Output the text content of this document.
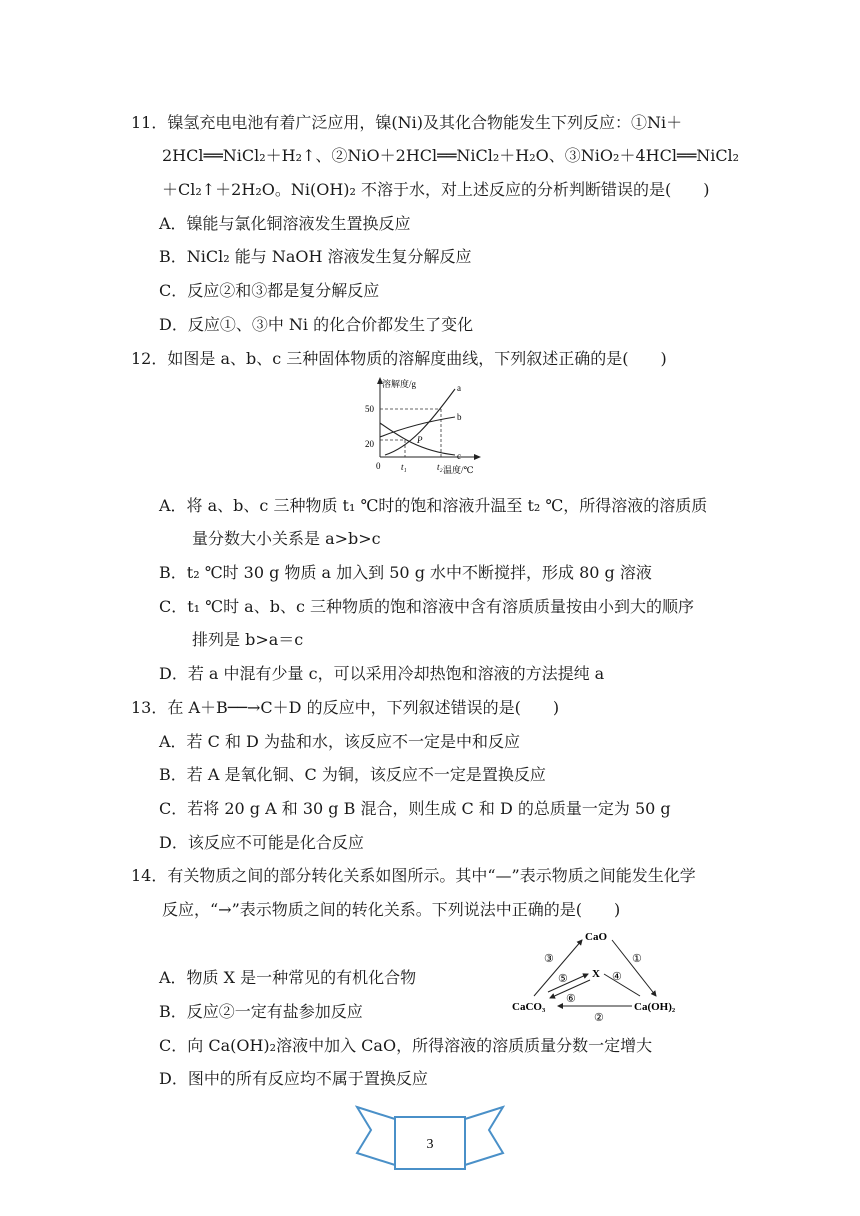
11．镍氢充电电池有着广泛应用，镍(Ni)及其化合物能发生下列反应：①Ni＋
2HCl══NiCl₂＋H₂↑、②NiO＋2HCl══NiCl₂＋H₂O、③NiO₂＋4HCl══NiCl₂
＋Cl₂↑＋2H₂O。Ni(OH)₂ 不溶于水，对上述反应的分析判断错误的是(　　)
A．镍能与氯化铜溶液发生置换反应
B．NiCl₂ 能与 NaOH 溶液发生复分解反应
C．反应②和③都是复分解反应
D．反应①、③中 Ni 的化合价都发生了变化
12．如图是 a、b、c 三种固体物质的溶解度曲线，下列叙述正确的是(　　)
溶解度/g
温度/℃
0
50
20
t₁	t₂
P
a
b
c
A．将 a、b、c 三种物质 t₁ ℃时的饱和溶液升温至 t₂ ℃，所得溶液的溶质质
量分数大小关系是 a>b>c
B．t₂ ℃时 30 g 物质 a 加入到 50 g 水中不断搅拌，形成 80 g 溶液
C．t₁ ℃时 a、b、c 三种物质的饱和溶液中含有溶质质量按由小到大的顺序
排列是 b>a＝c
D．若 a 中混有少量 c，可以采用冷却热饱和溶液的方法提纯 a
13．在 A＋B──→C＋D 的反应中，下列叙述错误的是(　　)
A．若 C 和 D 为盐和水，该反应不一定是中和反应
B．若 A 是氧化铜、C 为铜，该反应不一定是置换反应
C．若将 20 g A 和 30 g B 混合，则生成 C 和 D 的总质量一定为 50 g
D．该反应不可能是化合反应
14．有关物质之间的部分转化关系如图所示。其中“—”表示物质之间能发生化学
反应，“→”表示物质之间的转化关系。下列说法中正确的是(　　)
CaO
X
CaCO₃	Ca(OH)₂
③	①
②
⑤
⑥
④
A．物质 X 是一种常见的有机化合物
B．反应②一定有盐参加反应
C．向 Ca(OH)₂溶液中加入 CaO，所得溶液的溶质质量分数一定增大
D．图中的所有反应均不属于置换反应
3
